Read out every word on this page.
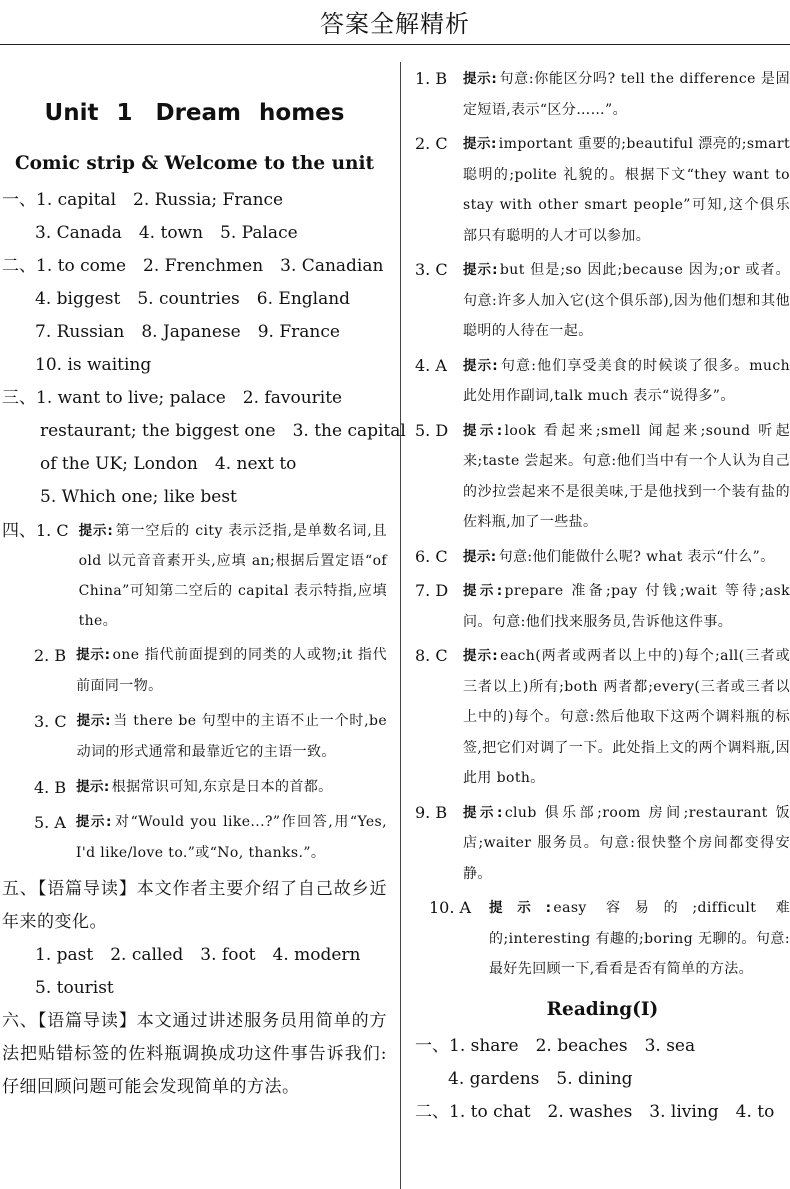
答案全解精析
Unit 1　Dream homes
Comic strip & Welcome to the unit
一、1. capital　2. Russia; France
3. Canada　4. town　5. Palace
二、1. to come　2. Frenchmen　3. Canadian
4. biggest　5. countries　6. England
7. Russian　8. Japanese　9. France
10. is waiting
三、1. want to live; palace　2. favourite
restaurant; the biggest one　3. the capital
of the UK; London　4. next to
5. Which one; like best
四、1. C 提示: 第一空后的 city 表示泛指,是单数名词,且 old 以元音音素开头,应填 an;根据后置定语“of China”可知第二空后的 capital 表示特指,应填 the。
2. B 提示: one 指代前面提到的同类的人或物;it 指代前面同一物。
3. C 提示: 当 there be 句型中的主语不止一个时,be 动词的形式通常和最靠近它的主语一致。
4. B 提示: 根据常识可知,东京是日本的首都。
5. A 提示: 对“Would you like...?”作回答,用“Yes, I'd like/love to.”或“No, thanks.”。
五、【语篇导读】本文作者主要介绍了自己故乡近年来的变化。
1. past　2. called　3. foot　4. modern
5. tourist
六、【语篇导读】本文通过讲述服务员用简单的方法把贴错标签的佐料瓶调换成功这件事告诉我们:仔细回顾问题可能会发现简单的方法。
1. B	提示: 句意:你能区分吗? tell the difference 是固定短语,表示“区分……”。
2. C	提示: important 重要的;beautiful 漂亮的;smart 聪明的;polite 礼貌的。根据下文“they want to stay with other smart people”可知,这个俱乐部只有聪明的人才可以参加。
3. C	提示: but 但是;so 因此;because 因为;or 或者。句意:许多人加入它(这个俱乐部),因为他们想和其他聪明的人待在一起。
4. A	提示: 句意:他们享受美食的时候谈了很多。much 此处用作副词,talk much 表示“说得多”。
5. D	提示: look 看起来;smell 闻起来;sound 听起来;taste 尝起来。句意:他们当中有一个人认为自己的沙拉尝起来不是很美味,于是他找到一个装有盐的佐料瓶,加了一些盐。
6. C	提示: 句意:他们能做什么呢? what 表示“什么”。
7. D	提示: prepare 准备;pay 付钱;wait 等待;ask 问。句意:他们找来服务员,告诉他这件事。
8. C	提示: each(两者或两者以上中的)每个;all(三者或三者以上)所有;both 两者都;every(三者或三者以上中的)每个。句意:然后他取下这两个调料瓶的标签,把它们对调了一下。此处指上文的两个调料瓶,因此用 both。
9. B	提示: club 俱乐部;room 房间;restaurant 饭店;waiter 服务员。句意:很快整个房间都变得安静。
10. A	提示: easy 容易的;difficult 难的;interesting 有趣的;boring 无聊的。句意:最好先回顾一下,看看是否有简单的方法。
Reading(Ⅰ)
一、1. share　2. beaches　3. sea
4. gardens　5. dining
二、1. to chat　2. washes　3. living　4. to
